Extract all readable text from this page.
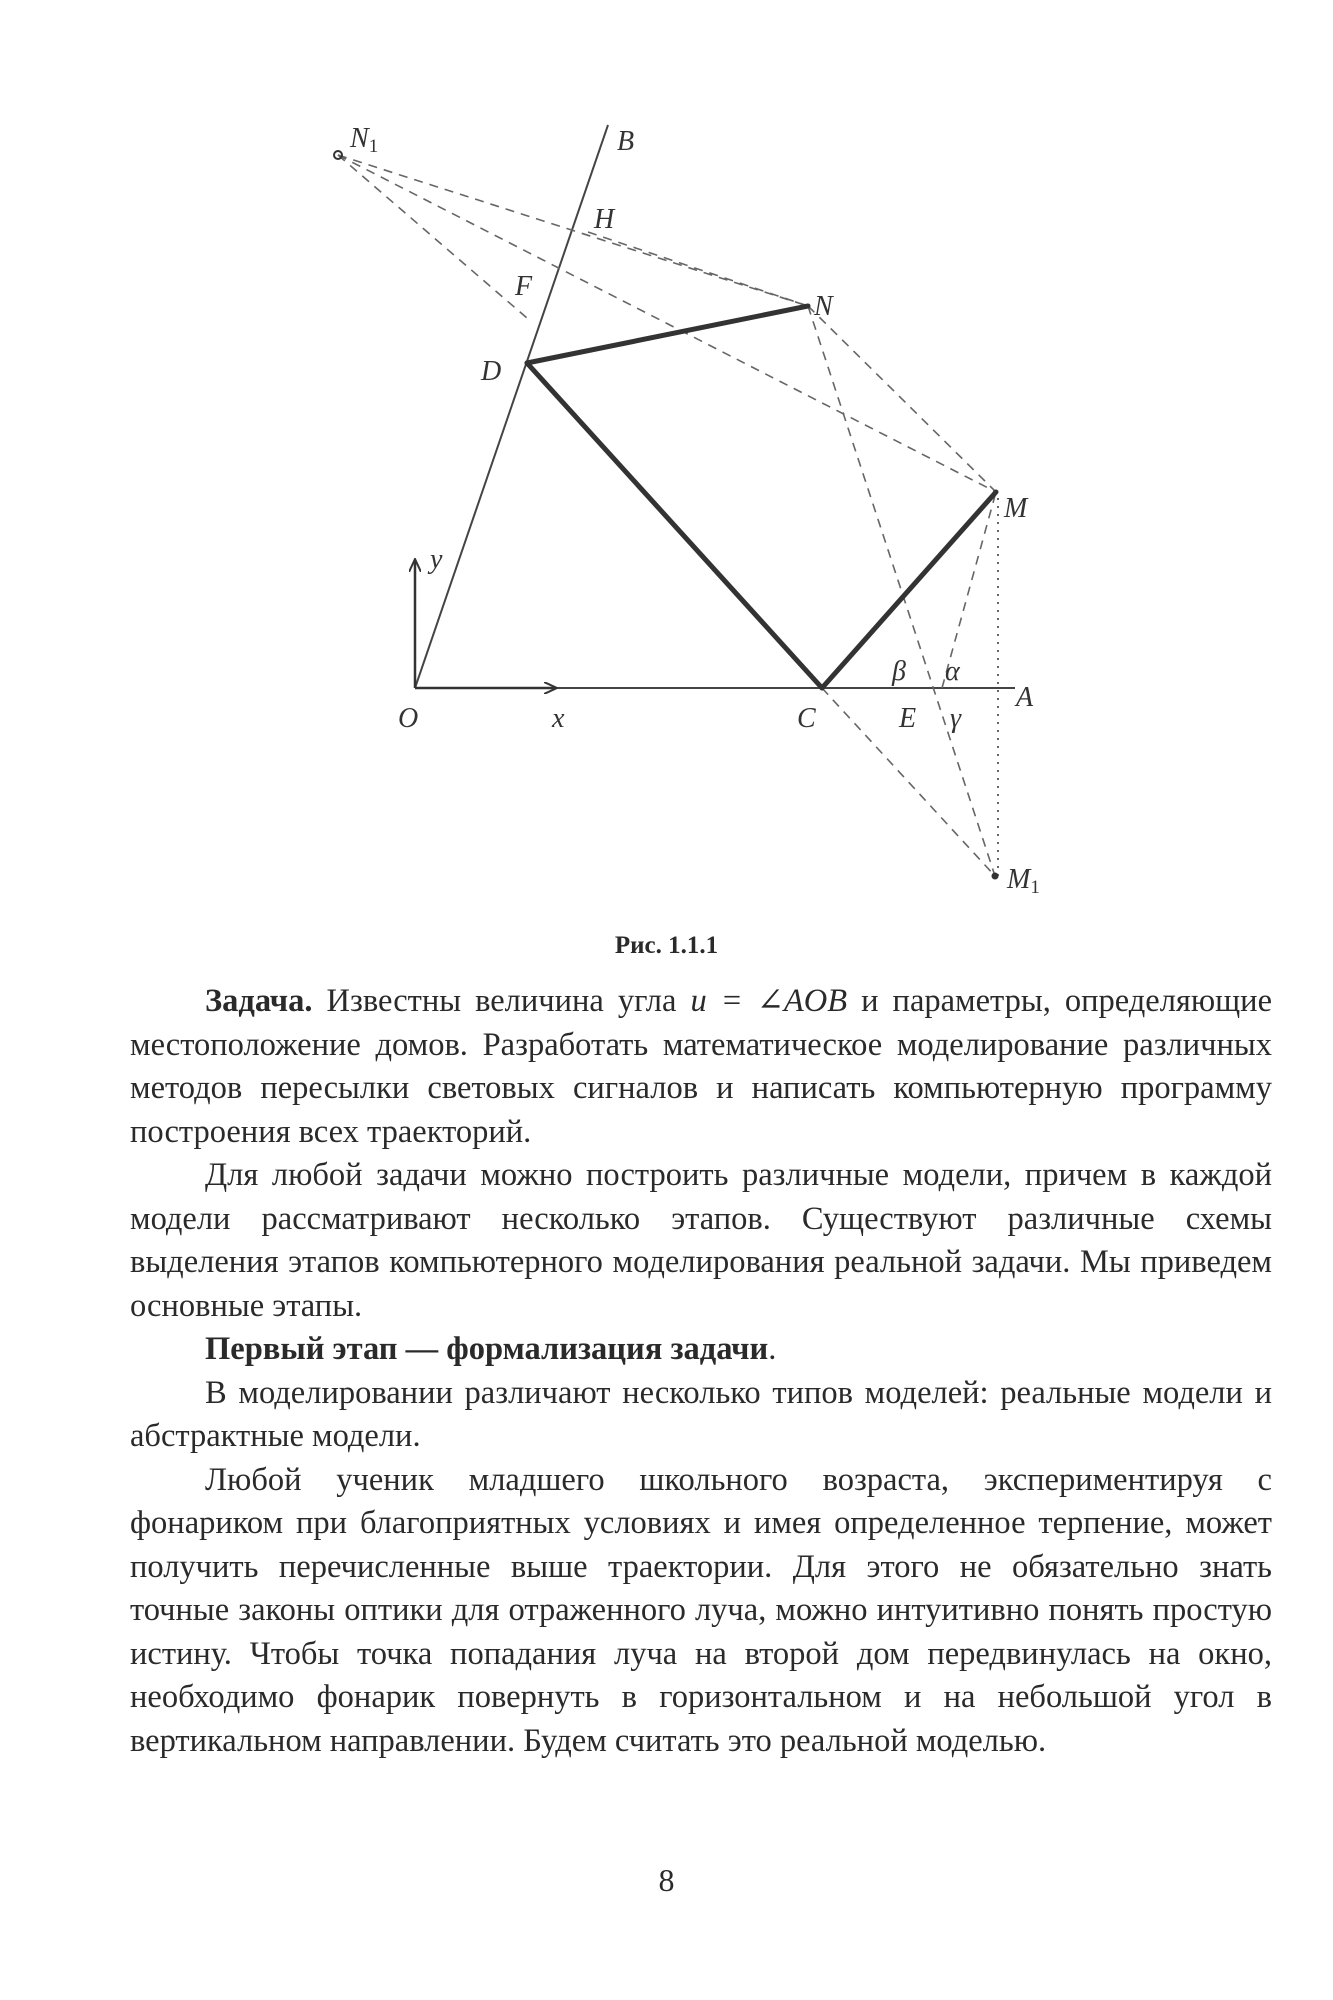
N1	B
H
F
N
D
M
y
β α
A
O	x	C	E γ
M1
Рис. 1.1.1

Задача. Известны величина угла u = ∠AOB и параметры, определяющие местоположение домов. Разработать математическое моделирование различных методов пересылки световых сигналов и написать компьютерную программу построения всех траекторий.

Для любой задачи можно построить различные модели, причем в каждой модели рассматривают несколько этапов. Существуют различные схемы выделения этапов компьютерного моделирования реальной задачи. Мы приведем основные этапы.

Первый этап — формализация задачи.

В моделировании различают несколько типов моделей: реальные модели и абстрактные модели.

Любой ученик младшего школьного возраста, экспериментируя с фонариком при благоприятных условиях и имея определенное терпение, может получить перечисленные выше траектории. Для этого не обязательно знать точные законы оптики для отраженного луча, можно интуитивно понять простую истину. Чтобы точка попадания луча на второй дом передвинулась на окно, необходимо фонарик повернуть в горизонтальном и на небольшой угол в вертикальном направлении. Будем считать это реальной моделью.

8
